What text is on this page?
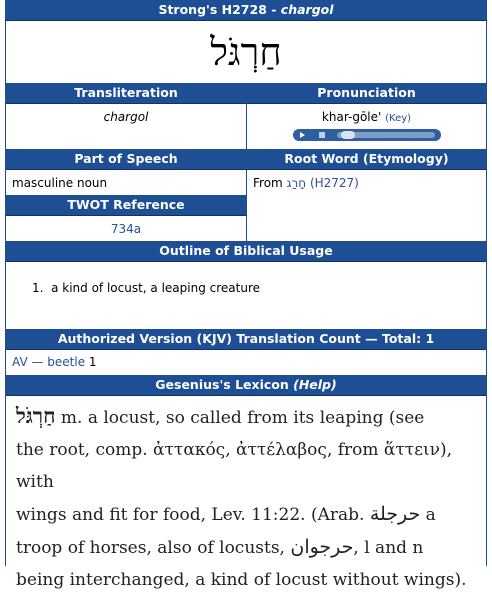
Strong's H2728 - chargol
חַרְגֹּל
Transliteration	Pronunciation
chargol	khar-gōle' (Key)
Part of Speech	Root Word (Etymology)
masculine noun	From חָרַג (H2727)
TWOT Reference
734a
Outline of Biblical Usage
1.  a kind of locust, a leaping creature
Authorized Version (KJV) Translation Count — Total: 1
AV — beetle 1
Gesenius's Lexicon (Help)
חַרְגֹּל m. a locust, so called from its leaping (see
the root, comp. ἀττακός, ἀττέλαβος, from ἅττειν), with
wings and fit for food, Lev. 11:22. (Arab. حرجلة a
troop of horses, also of locusts, حرجوان, l and n
being interchanged, a kind of locust without wings).
